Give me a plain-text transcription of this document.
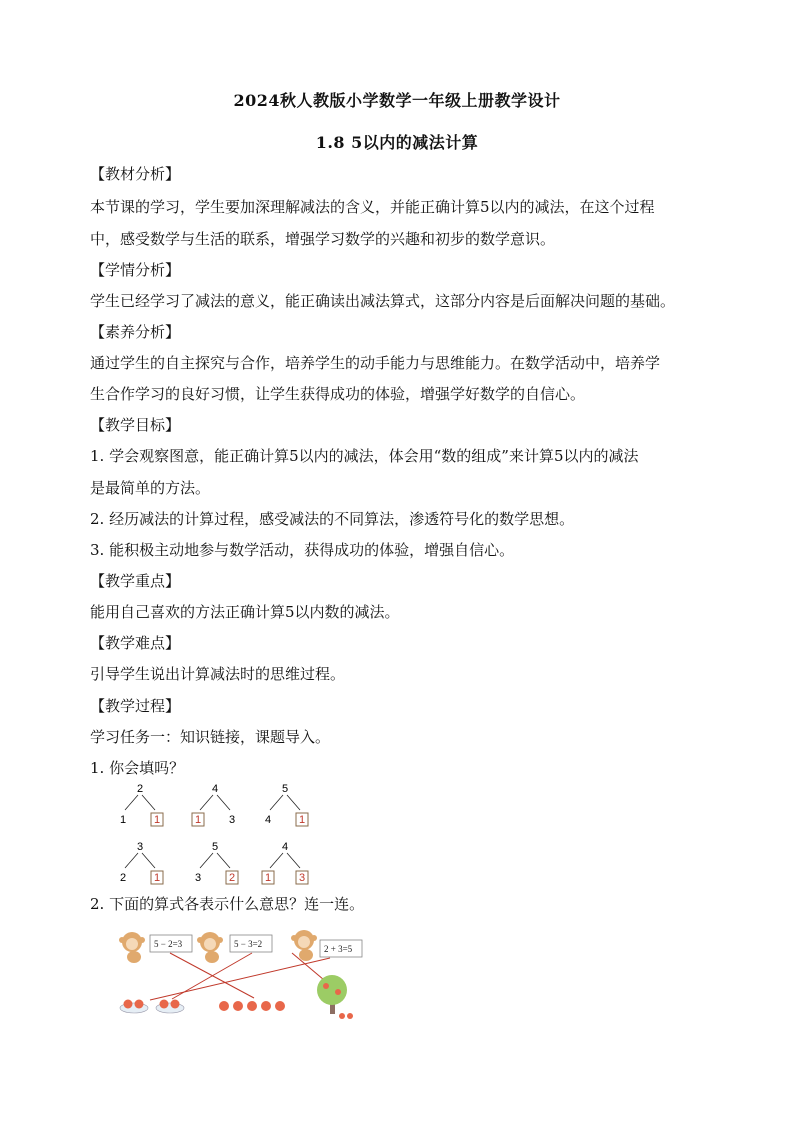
2024秋人教版小学数学一年级上册教学设计
1.8 5以内的减法计算
【教材分析】
本节课的学习，学生要加深理解减法的含义，并能正确计算5以内的减法，在这个过程
中，感受数学与生活的联系，增强学习数学的兴趣和初步的数学意识。
【学情分析】
学生已经学习了减法的意义，能正确读出减法算式，这部分内容是后面解决问题的基础。
【素养分析】
通过学生的自主探究与合作，培养学生的动手能力与思维能力。在数学活动中，培养学
生合作学习的良好习惯，让学生获得成功的体验，增强学好数学的自信心。
【教学目标】
1. 学会观察图意，能正确计算5以内的减法，体会用“数的组成”来计算5以内的减法
是最简单的方法。
2. 经历减法的计算过程，感受减法的不同算法，渗透符号化的数学思想。
3. 能积极主动地参与数学活动，获得成功的体验，增强自信心。
【教学重点】
能用自己喜欢的方法正确计算5以内数的减法。
【教学难点】
引导学生说出计算减法时的思维过程。
【教学过程】
学习任务一：知识链接，课题导入。
1. 你会填吗？
2
1	1
4
1	3
5
4	1
3
2	1
5
3	2
4
1	3
2. 下面的算式各表示什么意思？连一连。
5 − 2=3	5 − 3=2	2 + 3=5
